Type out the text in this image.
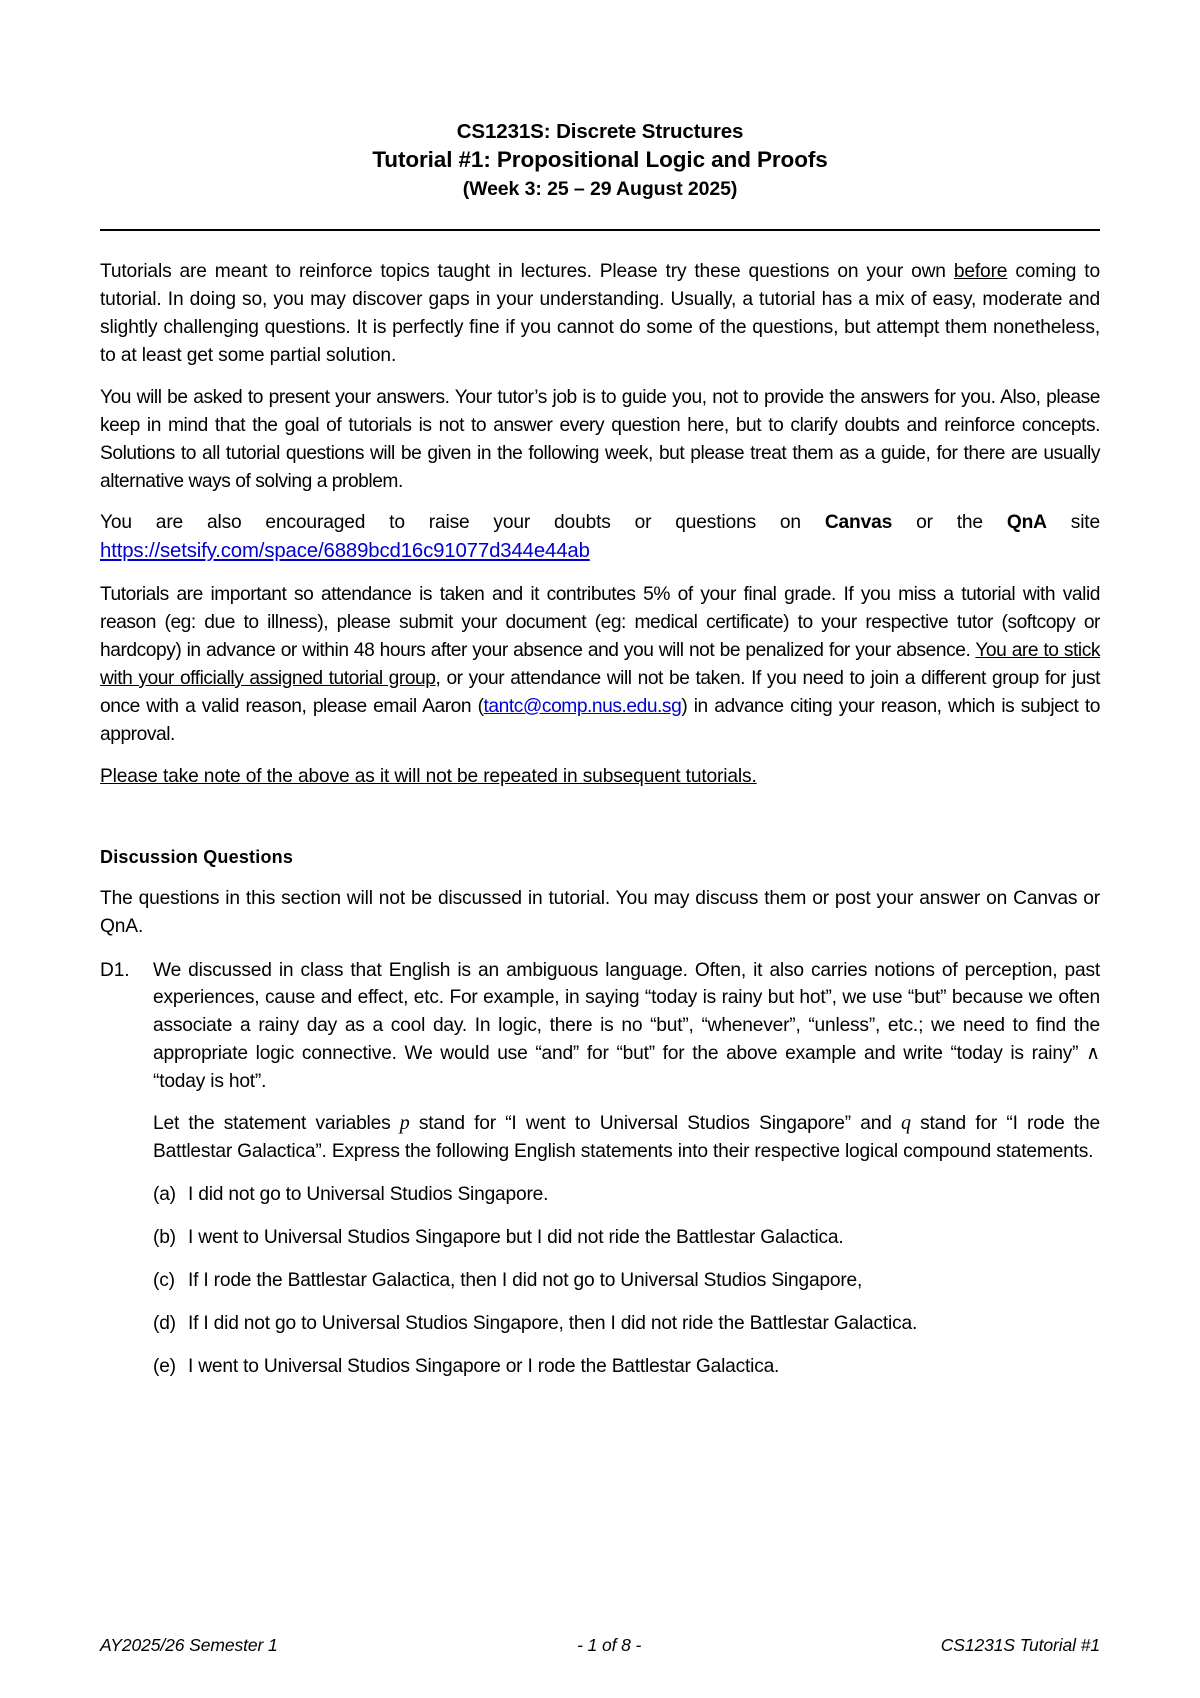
CS1231S: Discrete Structures
Tutorial #1: Propositional Logic and Proofs
(Week 3: 25 – 29 August 2025)

Tutorials are meant to reinforce topics taught in lectures. Please try these questions on your own before coming to tutorial. In doing so, you may discover gaps in your understanding. Usually, a tutorial has a mix of easy, moderate and slightly challenging questions. It is perfectly fine if you cannot do some of the questions, but attempt them nonetheless, to at least get some partial solution.

You will be asked to present your answers. Your tutor’s job is to guide you, not to provide the answers for you. Also, please keep in mind that the goal of tutorials is not to answer every question here, but to clarify doubts and reinforce concepts. Solutions to all tutorial questions will be given in the following week, but please treat them as a guide, for there are usually alternative ways of solving a problem.

You are also encouraged to raise your doubts or questions on Canvas or the QnA site https://setsify.com/space/6889bcd16c91077d344e44ab

Tutorials are important so attendance is taken and it contributes 5% of your final grade. If you miss a tutorial with valid reason (eg: due to illness), please submit your document (eg: medical certificate) to your respective tutor (softcopy or hardcopy) in advance or within 48 hours after your absence and you will not be penalized for your absence. You are to stick with your officially assigned tutorial group, or your attendance will not be taken. If you need to join a different group for just once with a valid reason, please email Aaron (tantc@comp.nus.edu.sg) in advance citing your reason, which is subject to approval.

Please take note of the above as it will not be repeated in subsequent tutorials.

Discussion Questions

The questions in this section will not be discussed in tutorial. You may discuss them or post your answer on Canvas or QnA.

D1.	We discussed in class that English is an ambiguous language. Often, it also carries notions of perception, past experiences, cause and effect, etc. For example, in saying “today is rainy but hot”, we use “but” because we often associate a rainy day as a cool day. In logic, there is no “but”, “whenever”, “unless”, etc.; we need to find the appropriate logic connective. We would use “and” for “but” for the above example and write “today is rainy” ∧ “today is hot”.

Let the statement variables p stand for “I went to Universal Studios Singapore” and q stand for “I rode the Battlestar Galactica”. Express the following English statements into their respective logical compound statements.

(a) I did not go to Universal Studios Singapore.
(b) I went to Universal Studios Singapore but I did not ride the Battlestar Galactica.
(c) If I rode the Battlestar Galactica, then I did not go to Universal Studios Singapore,
(d) If I did not go to Universal Studios Singapore, then I did not ride the Battlestar Galactica.
(e) I went to Universal Studios Singapore or I rode the Battlestar Galactica.
AY2025/26 Semester 1	- 1 of 8 -	CS1231S Tutorial #1
